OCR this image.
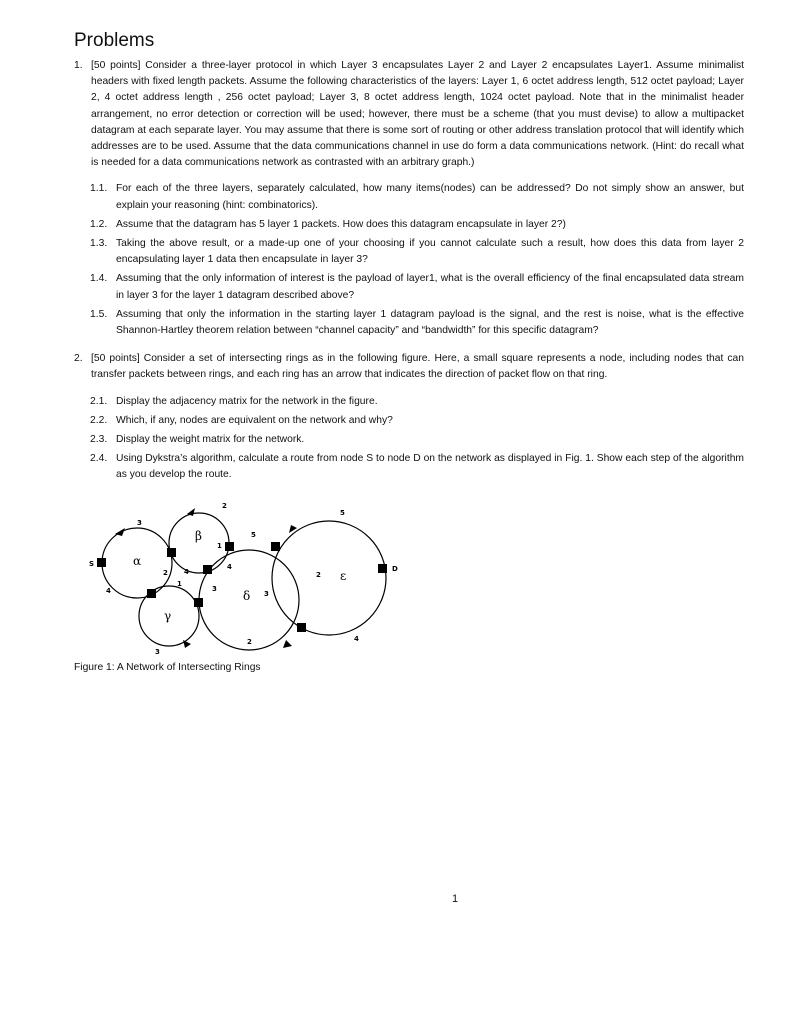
Problems
1. [50 points] Consider a three-layer protocol in which Layer 3 encapsulates Layer 2 and Layer 2 encapsulates Layer1. Assume minimalist headers with fixed length packets. Assume the following characteristics of the layers: Layer 1, 6 octet address length, 512 octet payload; Layer 2, 4 octet address length , 256 octet payload; Layer 3, 8 octet address length, 1024 octet payload. Note that in the minimalist header arrangement, no error detection or correction will be used; however, there must be a scheme (that you must devise) to allow a multipacket datagram at each separate layer. You may assume that there is some sort of routing or other address translation protocol that will identify which addresses are to be used. Assume that the data communications channel in use do form a data communications network. (Hint: do recall what is needed for a data communications network as contrasted with an arbitrary graph.)
1.1. For each of the three layers, separately calculated, how many items(nodes) can be addressed? Do not simply show an answer, but explain your reasoning (hint: combinatorics).
1.2. Assume that the datagram has 5 layer 1 packets. How does this datagram encapsulate in layer 2?)
1.3. Taking the above result, or a made-up one of your choosing if you cannot calculate such a result, how does this data from layer 2 encapsulating layer 1 data then encapsulate in layer 3?
1.4. Assuming that the only information of interest is the payload of layer1, what is the overall efficiency of the final encapsulated data stream in layer 3 for the layer 1 datagram described above?
1.5. Assuming that only the information in the starting layer 1 datagram payload is the signal, and the rest is noise, what is the effective Shannon-Hartley theorem relation between “channel capacity” and “bandwidth” for this specific datagram?
2. [50 points] Consider a set of intersecting rings as in the following figure. Here, a small square represents a node, including nodes that can transfer packets between rings, and each ring has an arrow that indicates the direction of packet flow on that ring.
2.1. Display the adjacency matrix for the network in the figure.
2.2. Which, if any, nodes are equivalent on the network and why?
2.3. Display the weight matrix for the network.
2.4. Using Dykstra’s algorithm, calculate a route from node S to node D on the network as displayed in Fig. 1. Show each step of the algorithm as you develop the route.
α
β
γ
δ
ε
S
D
3
2
5
5
1
4
2 4	2
4
1
3
3
3
2	4
Figure 1: A Network of Intersecting Rings
1
